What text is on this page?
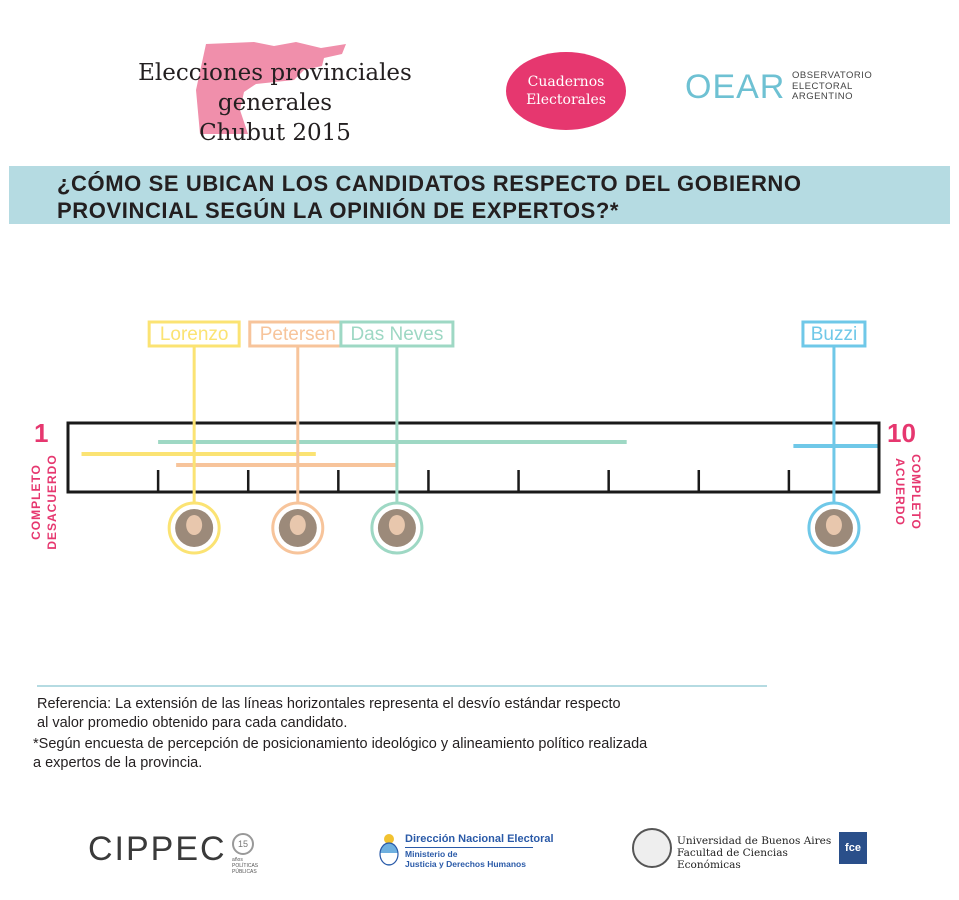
Elecciones provinciales generales
Chubut 2015
Cuadernos
Electorales OEAR OBSERVATORIO
ELECTORAL
ARGENTINO
¿CÓMO SE UBICAN LOS CANDIDATOS RESPECTO DEL GOBIERNO
PROVINCIAL SEGÚN LA OPINIÓN DE EXPERTOS?*
1	10
COMPLETO DESACUERDO	COMPLETO
ACUERDO
Lorenzo Petersen Das Neves	Buzzi
Referencia: La extensión de las líneas horizontales representa el desvío estándar respecto
al valor promedio obtenido para cada candidato.
*Según encuesta de percepción de posicionamiento ideológico y alineamiento político realizada
a expertos de la provincia.
CIPPEC	15
años
POLÍTICAS
PÚBLICAS
Dirección Nacional Electoral
Ministerio de
Justicia y Derechos Humanos
Universidad de Buenos Aires
Facultad de Ciencias Económicas
fce
